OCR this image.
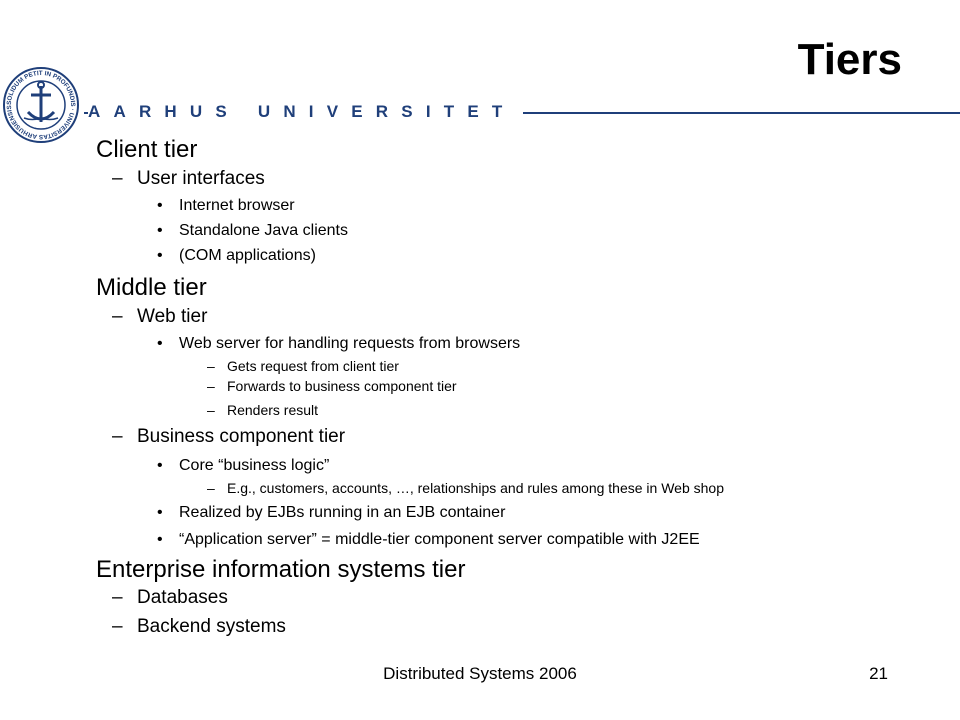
SOLIDUM PETIT IN PROFUNDIS · UNIVERSITAS ARHUSIENSIS	AARHUS UNIVERSITET
Tiers
Client tier
– User interfaces
• Internet browser
• Standalone Java clients
• (COM applications)
Middle tier
– Web tier
• Web server for handling requests from browsers
– Gets request from client tier
– Forwards to business component tier
– Renders result
– Business component tier
• Core “business logic”
– E.g., customers, accounts, …, relationships and rules among these in Web shop
• Realized by EJBs running in an EJB container
• “Application server” = middle-tier component server compatible with J2EE
Enterprise information systems tier
– Databases
– Backend systems
Distributed Systems 2006	21
